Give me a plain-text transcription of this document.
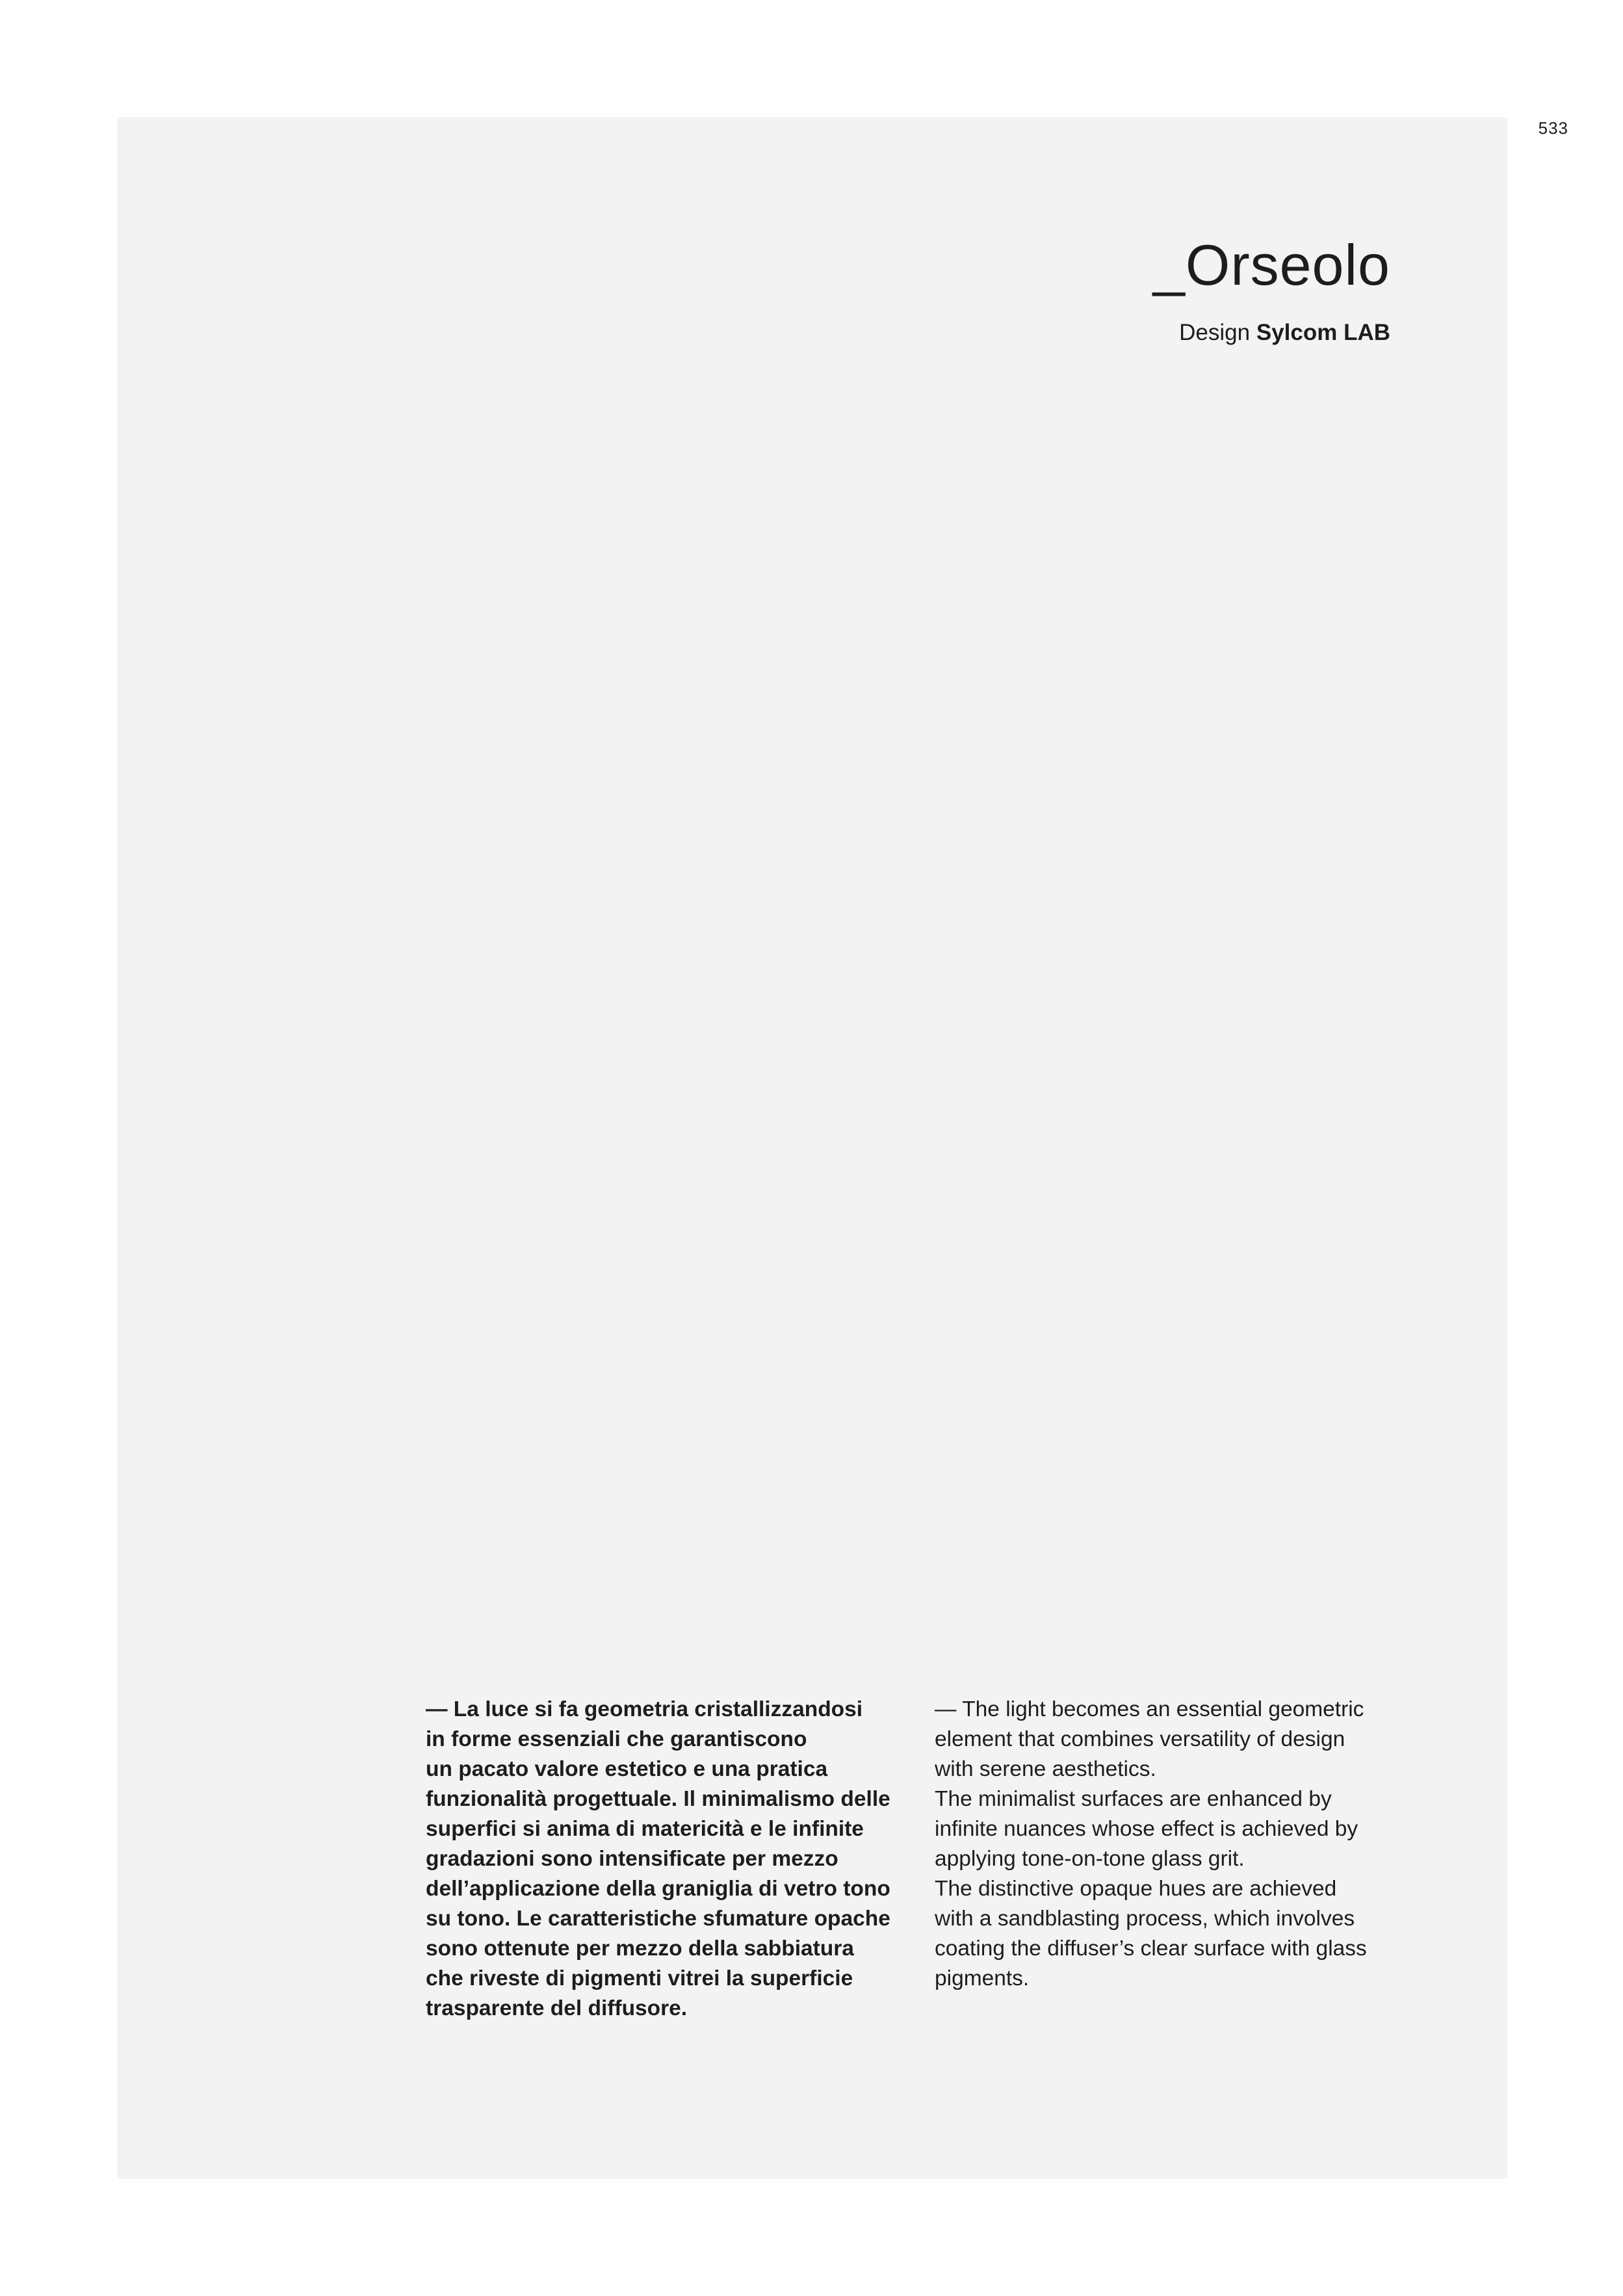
533
_Orseolo
Design Sylcom LAB
— La luce si fa geometria cristallizzandosi
in forme essenziali che garantiscono
un pacato valore estetico e una pratica
funzionalità progettuale. Il minimalismo delle
superfici si anima di matericità e le infinite
gradazioni sono intensificate per mezzo
dell’applicazione della graniglia di vetro tono
su tono. Le caratteristiche sfumature opache
sono ottenute per mezzo della sabbiatura
che riveste di pigmenti vitrei la superficie
trasparente del diffusore.
— The light becomes an essential geometric
element that combines versatility of design
with serene aesthetics.
The minimalist surfaces are enhanced by
infinite nuances whose effect is achieved by
applying tone-on-tone glass grit.
The distinctive opaque hues are achieved
with a sandblasting process, which involves
coating the diffuser’s clear surface with glass
pigments.
